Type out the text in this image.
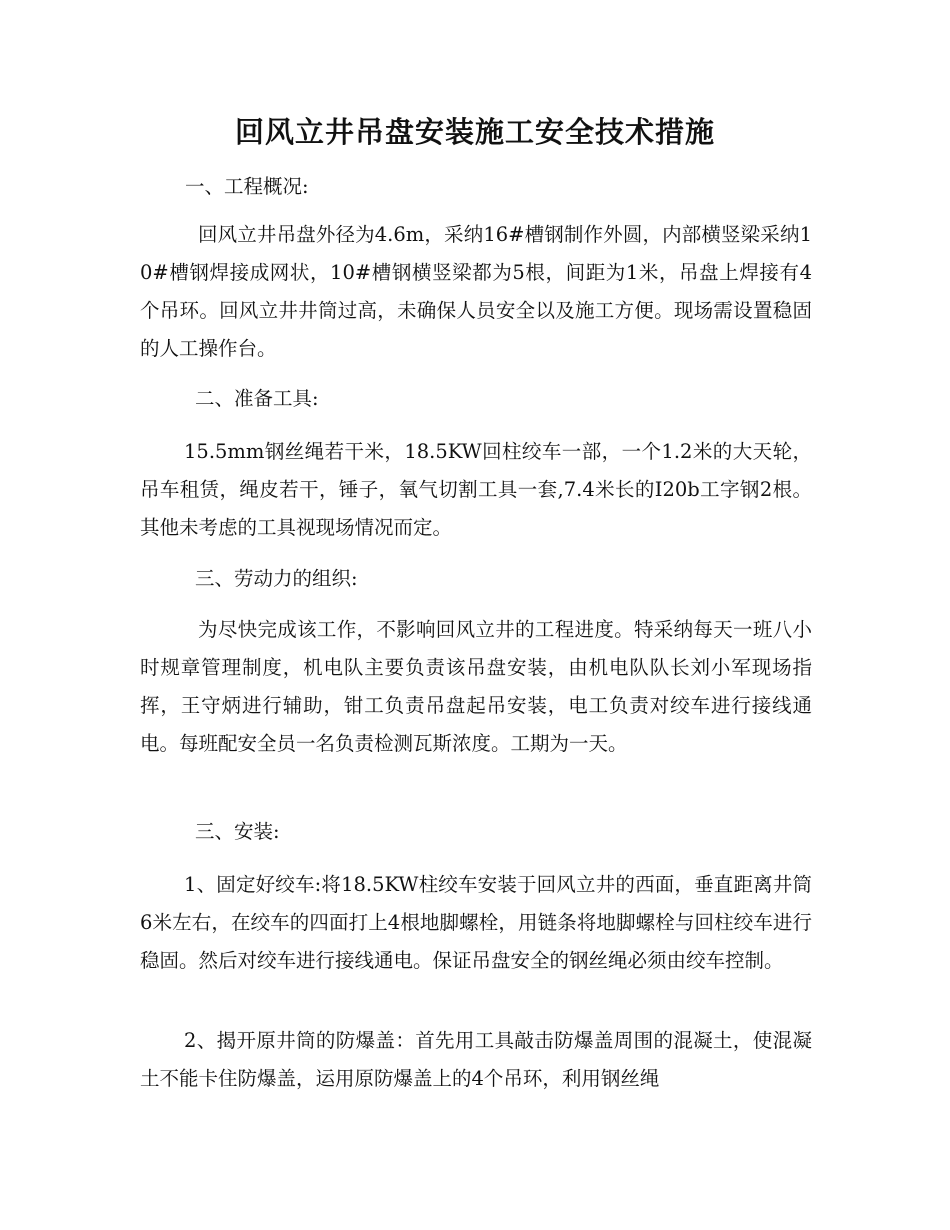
回风立井吊盘安装施工安全技术措施
一、工程概况:

回风立井吊盘外径为4.6m，采纳16#槽钢制作外圆，内部横竖梁采纳10#槽钢焊接成网状，10#槽钢横竖梁都为5根，间距为1米，吊盘上焊接有4个吊环。回风立井井筒过高，未确保人员安全以及施工方便。现场需设置稳固的人工操作台。

二、准备工具:

15.5mm钢丝绳若干米，18.5KW回柱绞车一部，一个1.2米的大天轮，吊车租赁，绳皮若干，锤子，氧气切割工具一套,7.4米长的I20b工字钢2根。其他未考虑的工具视现场情况而定。

三、劳动力的组织:

为尽快完成该工作，不影响回风立井的工程进度。特采纳每天一班八小时规章管理制度，机电队主要负责该吊盘安装，由机电队队长刘小军现场指挥，王守炳进行辅助，钳工负责吊盘起吊安装，电工负责对绞车进行接线通电。每班配安全员一名负责检测瓦斯浓度。工期为一天。

三、安装:

1、固定好绞车:将18.5KW柱绞车安装于回风立井的西面，垂直距离井筒6米左右，在绞车的四面打上4根地脚螺栓，用链条将地脚螺栓与回柱绞车进行稳固。然后对绞车进行接线通电。保证吊盘安全的钢丝绳必须由绞车控制。

2、揭开原井筒的防爆盖：首先用工具敲击防爆盖周围的混凝土，使混凝土不能卡住防爆盖，运用原防爆盖上的4个吊环，利用钢丝绳
